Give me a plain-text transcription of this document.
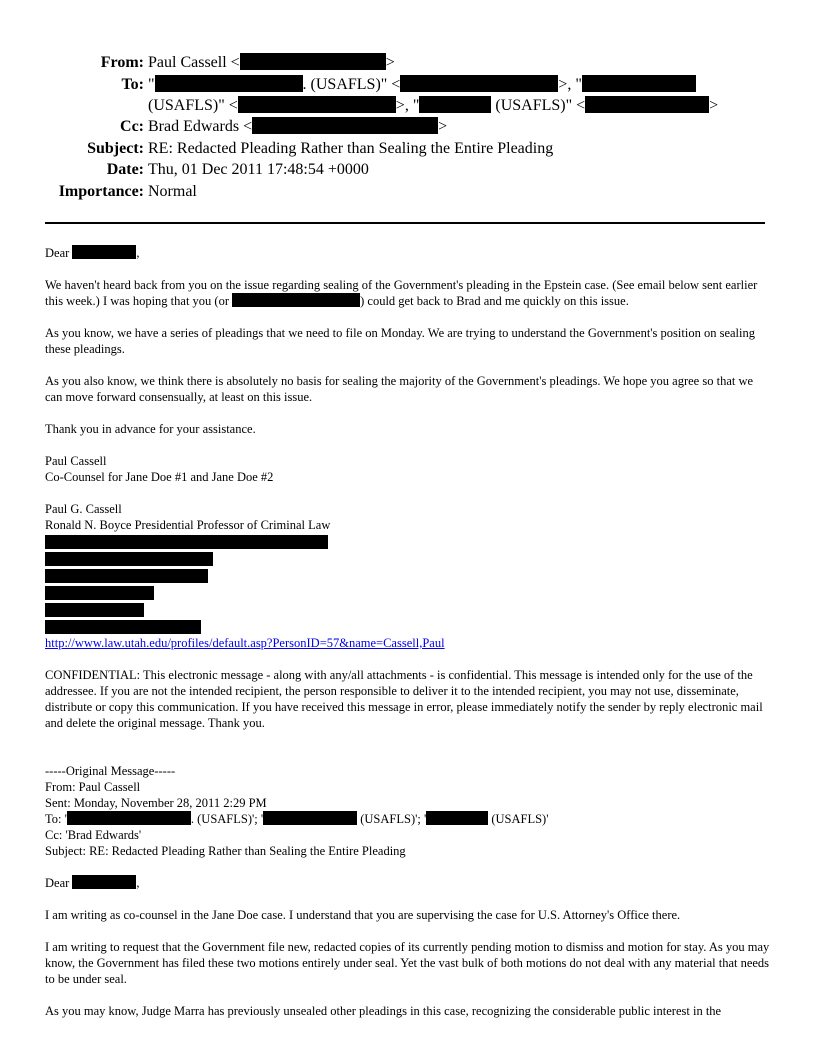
From: Paul Cassell <	>
To: "	. (USAFLS)" <	>, "
(USAFLS)" <	>, "	(USAFLS)" <	>
Cc: Brad Edwards <	>
Subject: RE: Redacted Pleading Rather than Sealing the Entire Pleading
Date: Thu, 01 Dec 2011 17:48:54 +0000
Importance: Normal

Dear	,

We haven't heard back from you on the issue regarding sealing of the Government's pleading in the Epstein case. (See email below sent earlier this week.) I was hoping that you (or	) could get back to Brad and me quickly on this issue.

As you know, we have a series of pleadings that we need to file on Monday. We are trying to understand the Government's position on sealing these pleadings.

As you also know, we think there is absolutely no basis for sealing the majority of the Government's pleadings. We hope you agree so that we can move forward consensually, at least on this issue.

Thank you in advance for your assistance.

Paul Cassell

Co-Counsel for Jane Doe #1 and Jane Doe #2

Paul G. Cassell

Ronald N. Boyce Presidential Professor of Criminal Law

http://www.law.utah.edu/profiles/default.asp?PersonID=57&name=Cassell,Paul

CONFIDENTIAL: This electronic message - along with any/all attachments - is confidential. This message is intended only for the use of the addressee. If you are not the intended recipient, the person responsible to deliver it to the intended recipient, you may not use, disseminate, distribute or copy this communication. If you have received this message in error, please immediately notify the sender by reply electronic mail and delete the original message. Thank you.

-----Original Message-----

From: Paul Cassell

Sent: Monday, November 28, 2011 2:29 PM

To: '	. (USAFLS)'; '	(USAFLS)'; '	(USAFLS)'

Cc: 'Brad Edwards'

Subject: RE: Redacted Pleading Rather than Sealing the Entire Pleading

Dear	,

I am writing as co-counsel in the Jane Doe case. I understand that you are supervising the case for U.S. Attorney's Office there.

I am writing to request that the Government file new, redacted copies of its currently pending motion to dismiss and motion for stay. As you may know, the Government has filed these two motions entirely under seal. Yet the vast bulk of both motions do not deal with any material that needs to be under seal.

As you may know, Judge Marra has previously unsealed other pleadings in this case, recognizing the considerable public interest in the
